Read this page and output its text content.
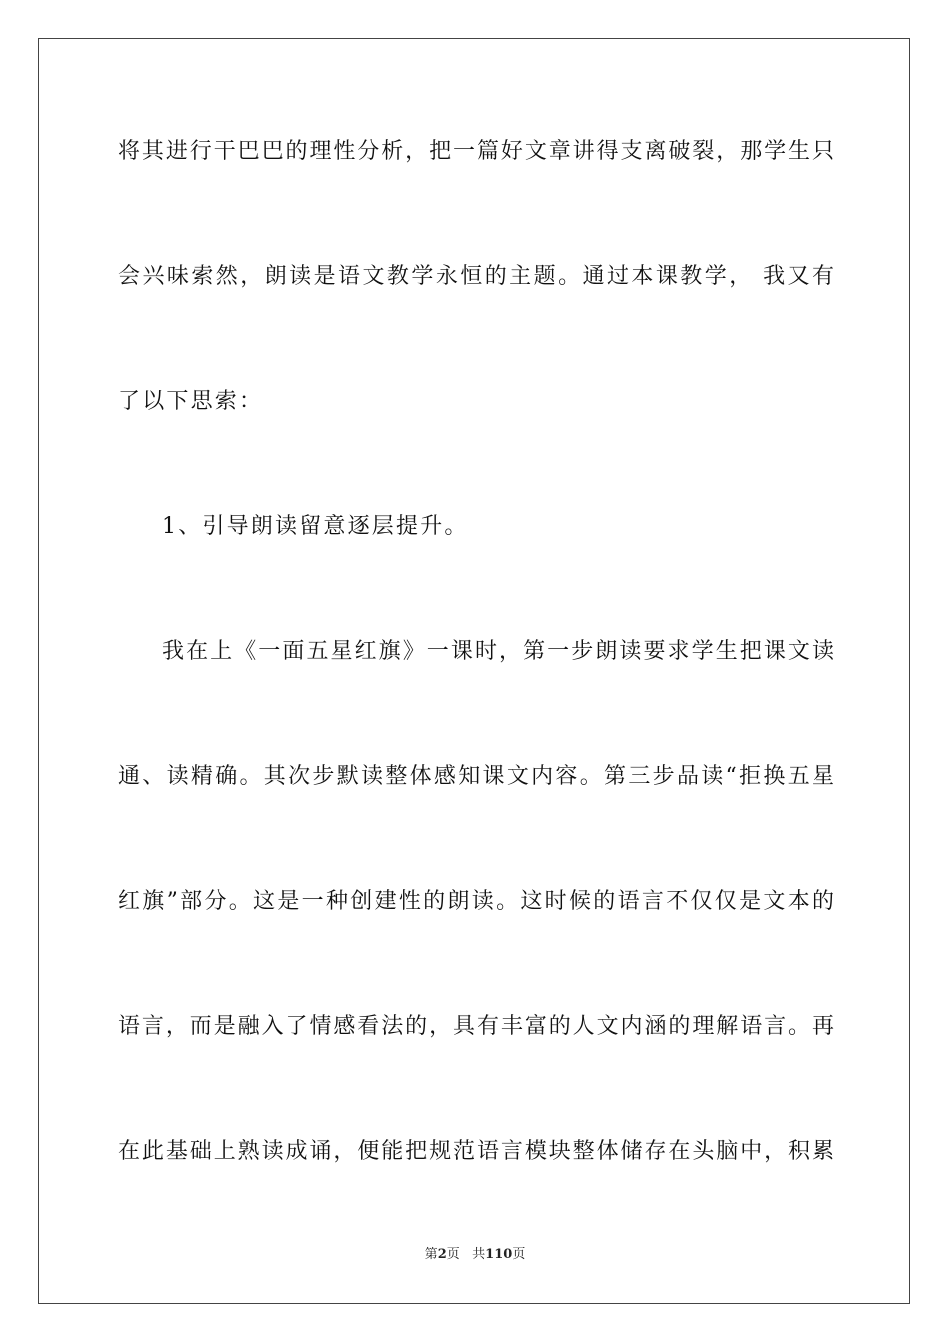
将其进行干巴巴的理性分析，把一篇好文章讲得支离破裂，那学生只
会兴味索然，朗读是语文教学永恒的主题。通过本课教学， 我又有
了以下思索：
1、引导朗读留意逐层提升。
我在上《一面五星红旗》一课时，第一步朗读要求学生把课文读
通、读精确。其次步默读整体感知课文内容。第三步品读“拒换五星
红旗”部分。这是一种创建性的朗读。这时候的语言不仅仅是文本的
语言，而是融入了情感看法的，具有丰富的人文内涵的理解语言。再
在此基础上熟读成诵，便能把规范语言模块整体储存在头脑中，积累
第2页 共110页
